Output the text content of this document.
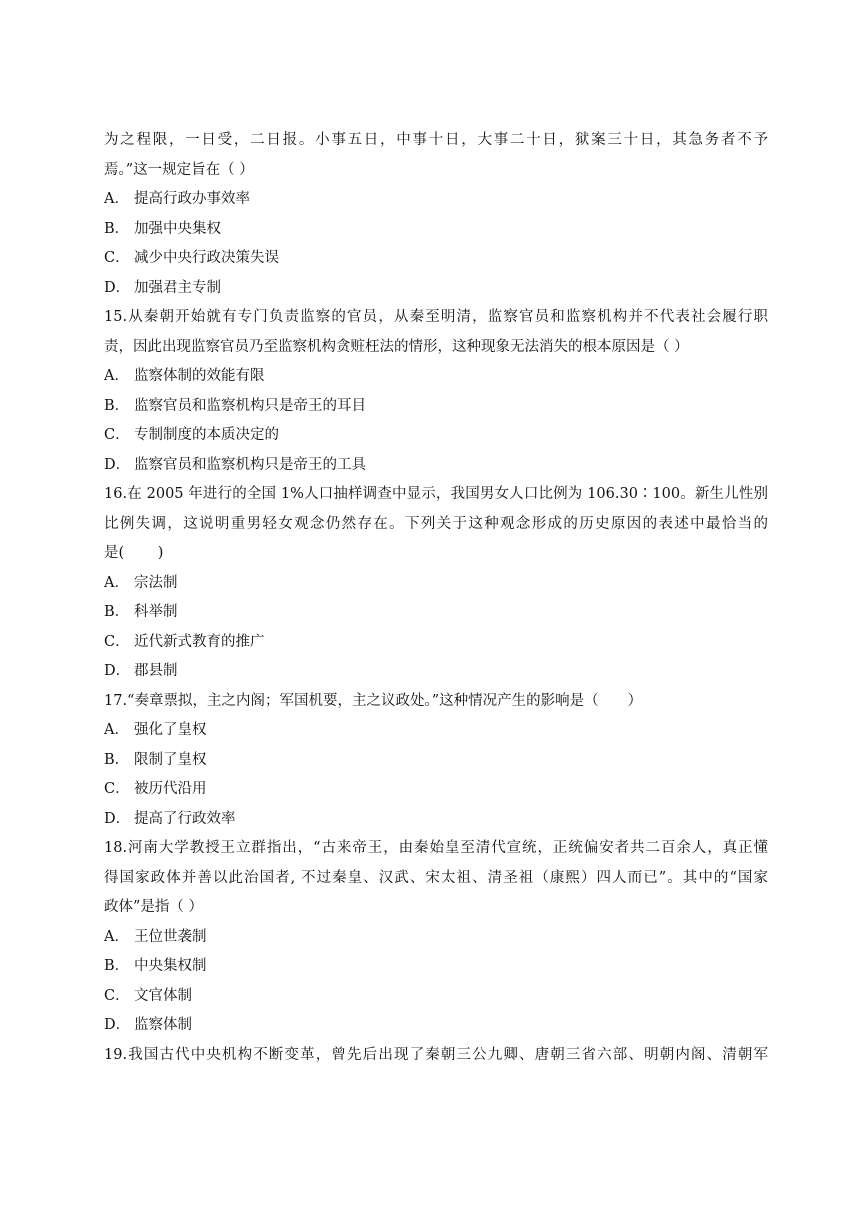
为之程限，一日受，二日报。小事五日，中事十日，大事二十日，狱案三十日，其急务者不予
焉。”这一规定旨在（ ）
A． 提高行政办事效率
B． 加强中央集权
C． 减少中央行政决策失误
D． 加强君主专制
15.从秦朝开始就有专门负责监察的官员，从秦至明清，监察官员和监察机构并不代表社会履行职
责，因此出现监察官员乃至监察机构贪赃枉法的情形，这种现象无法消失的根本原因是（ ）
A． 监察体制的效能有限
B． 监察官员和监察机构只是帝王的耳目
C． 专制制度的本质决定的
D． 监察官员和监察机构只是帝王的工具
16.在 2005 年进行的全国 1%人口抽样调查中显示，我国男女人口比例为 106.30∶100。新生儿性别
比例失调，这说明重男轻女观念仍然存在。下列关于这种观念形成的历史原因的表述中最恰当的
是(　　 )
A． 宗法制
B． 科举制
C． 近代新式教育的推广
D． 郡县制
17.“奏章票拟，主之内阁；军国机要，主之议政处。”这种情况产生的影响是（　　）
A． 强化了皇权
B． 限制了皇权
C． 被历代沿用
D． 提高了行政效率
18.河南大学教授王立群指出，“古来帝王，由秦始皇至清代宣统，正统偏安者共二百余人，真正懂
得国家政体并善以此治国者, 不过秦皇、汉武、宋太祖、清圣祖（康熙）四人而已”。其中的“国家
政体”是指（ ）
A． 王位世袭制
B． 中央集权制
C． 文官体制
D． 监察体制
19.我国古代中央机构不断变革，曾先后出现了秦朝三公九卿、唐朝三省六部、明朝内阁、清朝军
